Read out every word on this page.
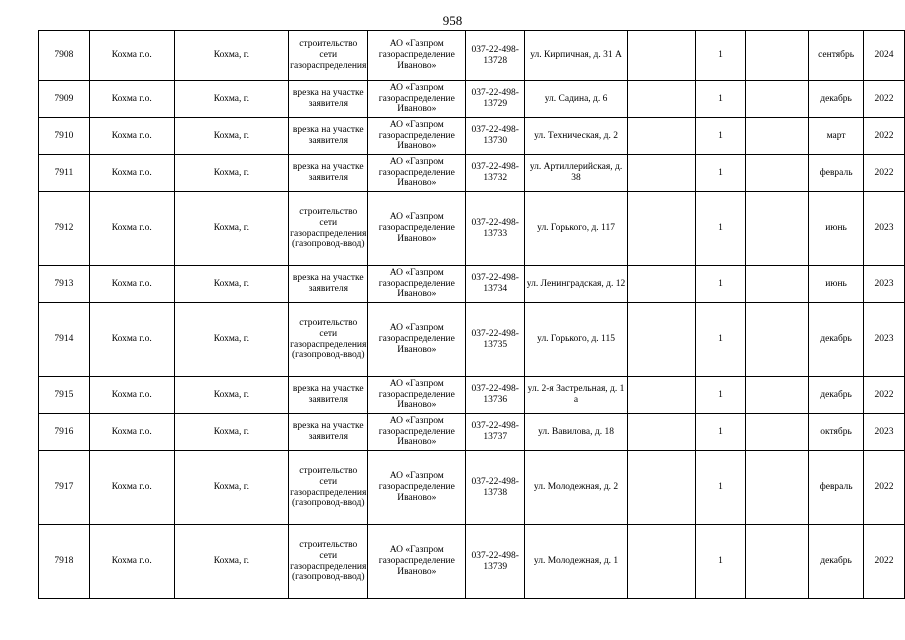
958
7908	Кохма г.о.	Кохма, г.	строительство сети газораспределения	АО «Газпром газораспределение Иваново»	037-22-498-13728	ул. Кирпичная, д. 31 А		1		сентябрь	2024
7909	Кохма г.о.	Кохма, г.	врезка на участке заявителя	АО «Газпром газораспределение Иваново»	037-22-498-13729	ул. Садина, д. 6		1		декабрь	2022
7910	Кохма г.о.	Кохма, г.	врезка на участке заявителя	АО «Газпром газораспределение Иваново»	037-22-498-13730	ул. Техническая, д. 2		1		март	2022
7911	Кохма г.о.	Кохма, г.	врезка на участке заявителя	АО «Газпром газораспределение Иваново»	037-22-498-13732	ул. Артиллерийская, д. 38		1		февраль	2022
7912	Кохма г.о.	Кохма, г.	строительство сети газораспределения (газопровод-ввод)	АО «Газпром газораспределение Иваново»	037-22-498-13733	ул. Горького, д. 117		1		июнь	2023
7913	Кохма г.о.	Кохма, г.	врезка на участке заявителя	АО «Газпром газораспределение Иваново»	037-22-498-13734	ул. Ленинградская, д. 12		1		июнь	2023
7914	Кохма г.о.	Кохма, г.	строительство сети газораспределения (газопровод-ввод)	АО «Газпром газораспределение Иваново»	037-22-498-13735	ул. Горького, д. 115		1		декабрь	2023
7915	Кохма г.о.	Кохма, г.	врезка на участке заявителя	АО «Газпром газораспределение Иваново»	037-22-498-13736	ул. 2-я Застрельная, д. 1 а		1		декабрь	2022
7916	Кохма г.о.	Кохма, г.	врезка на участке заявителя	АО «Газпром газораспределение Иваново»	037-22-498-13737	ул. Вавилова, д. 18		1		октябрь	2023
7917	Кохма г.о.	Кохма, г.	строительство сети газораспределения (газопровод-ввод)	АО «Газпром газораспределение Иваново»	037-22-498-13738	ул. Молодежная, д. 2		1		февраль	2022
7918	Кохма г.о.	Кохма, г.	строительство сети газораспределения (газопровод-ввод)	АО «Газпром газораспределение Иваново»	037-22-498-13739	ул. Молодежная, д. 1		1		декабрь	2022
